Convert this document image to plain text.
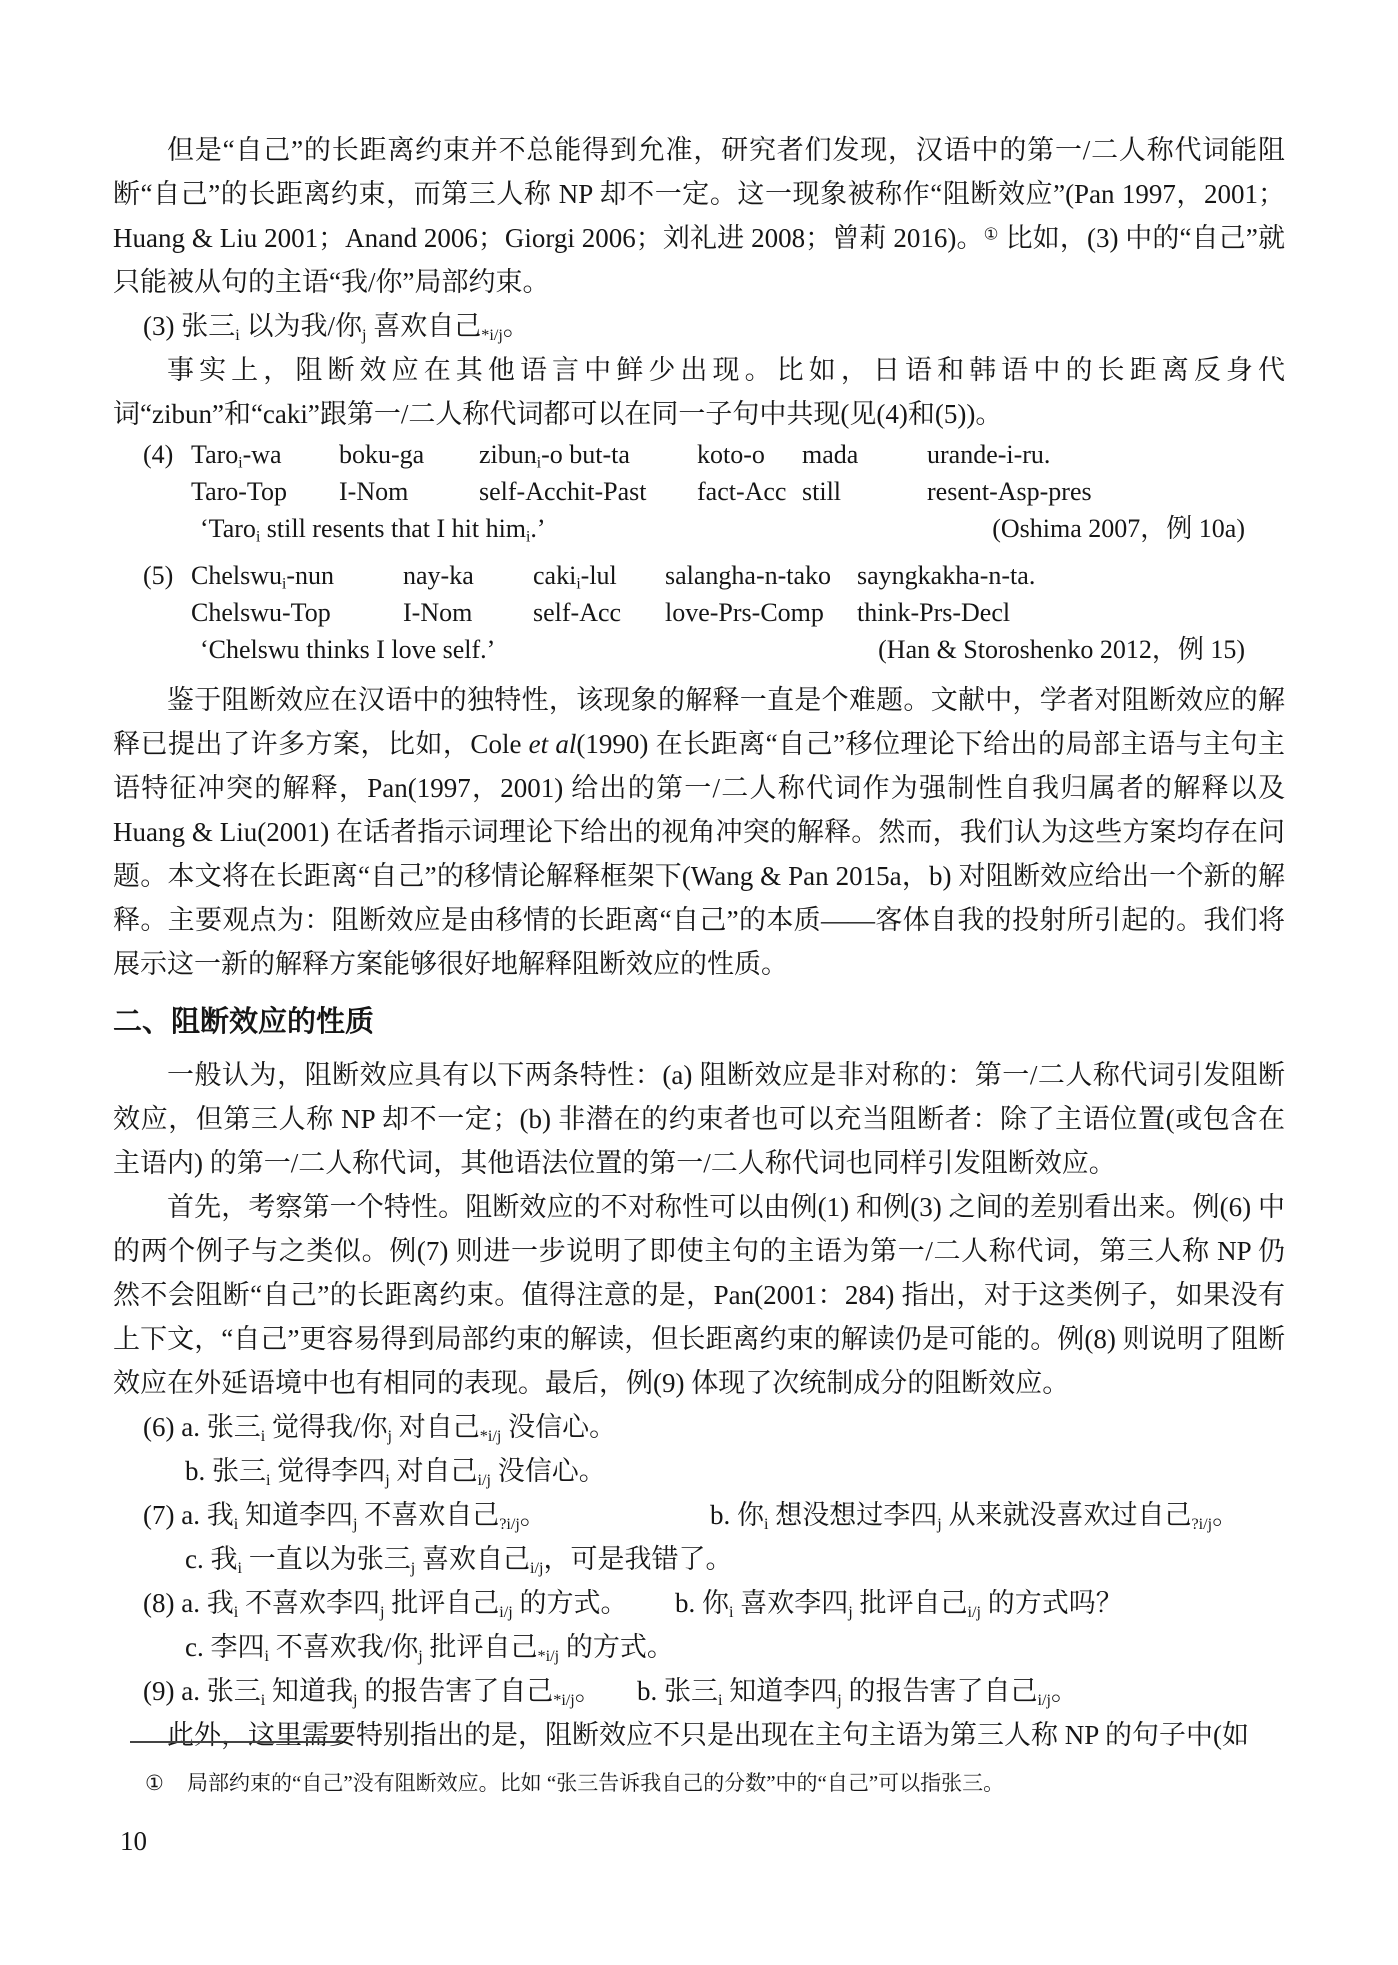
但是“自己”的长距离约束并不总能得到允准，研究者们发现，汉语中的第一/二人称代词能阻断“自己”的长距离约束，而第三人称 NP 却不一定。这一现象被称作“阻断效应”(Pan 1997，2001；Huang & Liu 2001；Anand 2006；Giorgi 2006；刘礼进 2008；曾莉 2016)。① 比如，(3) 中的“自己”就只能被从句的主语“我/你”局部约束。

(3) 张三$_i$ 以为我/你$_j$ 喜欢自己$_{*i/j}$。

事实上，阻断效应在其他语言中鲜少出现。比如，日语和韩语中的长距离反身代词“zibun”和“caki”跟第一/二人称代词都可以在同一子句中共现(见(4)和(5))。

(4) Taro$_i$-wa	boku-ga	zibun$_i$-o but-ta	koto-o	mada	urande-i-ru.
Taro-Top	I-Nom	self-Acchit-Past	fact-Acc still	resent-Asp-pres
‘Taro$_i$ still resents that I hit him$_i$.’	(Oshima 2007，例 10a)
(5) Chelswu$_i$-nun	nay-ka	caki$_i$-lul	salangha-n-tako sayngkakha-n-ta.
Chelswu-Top	I-Nom	self-Acc	love-Prs-Comp	think-Prs-Decl
‘Chelswu thinks I love self.’	(Han & Storoshenko 2012，例 15)

鉴于阻断效应在汉语中的独特性，该现象的解释一直是个难题。文献中，学者对阻断效应的解释已提出了许多方案，比如，Cole et al(1990) 在长距离“自己”移位理论下给出的局部主语与主句主语特征冲突的解释，Pan(1997，2001) 给出的第一/二人称代词作为强制性自我归属者的解释以及 Huang & Liu(2001) 在话者指示词理论下给出的视角冲突的解释。然而，我们认为这些方案均存在问题。本文将在长距离“自己”的移情论解释框架下(Wang & Pan 2015a，b) 对阻断效应给出一个新的解释。主要观点为：阻断效应是由移情的长距离“自己”的本质——客体自我的投射所引起的。我们将展示这一新的解释方案能够很好地解释阻断效应的性质。

二、阻断效应的性质

一般认为，阻断效应具有以下两条特性：(a) 阻断效应是非对称的：第一/二人称代词引发阻断效应，但第三人称 NP 却不一定；(b) 非潜在的约束者也可以充当阻断者：除了主语位置(或包含在主语内) 的第一/二人称代词，其他语法位置的第一/二人称代词也同样引发阻断效应。

首先，考察第一个特性。阻断效应的不对称性可以由例(1) 和例(3) 之间的差别看出来。例(6) 中的两个例子与之类似。例(7) 则进一步说明了即使主句的主语为第一/二人称代词，第三人称 NP 仍然不会阻断“自己”的长距离约束。值得注意的是，Pan(2001：284) 指出，对于这类例子，如果没有上下文，“自己”更容易得到局部约束的解读，但长距离约束的解读仍是可能的。例(8) 则说明了阻断效应在外延语境中也有相同的表现。最后，例(9) 体现了次统制成分的阻断效应。

(6) a. 张三$_i$ 觉得我/你$_j$ 对自己$_{*i/j}$ 没信心。

b. 张三$_i$ 觉得李四$_j$ 对自己$_{i/j}$ 没信心。

(7) a. 我$_i$ 知道李四$_j$ 不喜欢自己$_{?i/j}$。	b. 你$_i$ 想没想过李四$_j$ 从来就没喜欢过自己$_{?i/j}$。

c. 我$_i$ 一直以为张三$_j$ 喜欢自己$_{i/j}$，可是我错了。

(8) a. 我$_i$ 不喜欢李四$_j$ 批评自己$_{i/j}$ 的方式。 b. 你$_i$ 喜欢李四$_j$ 批评自己$_{i/j}$ 的方式吗？

c. 李四$_i$ 不喜欢我/你$_j$ 批评自己$_{*i/j}$ 的方式。

(9) a. 张三$_i$ 知道我$_j$ 的报告害了自己$_{*i/j}$。 b. 张三$_i$ 知道李四$_j$ 的报告害了自己$_{i/j}$。

此外，这里需要特别指出的是，阻断效应不只是出现在主句主语为第三人称 NP 的句子中(如

①	局部约束的“自己”没有阻断效应。比如 “张三告诉我自己的分数”中的“自己”可以指张三。
10
